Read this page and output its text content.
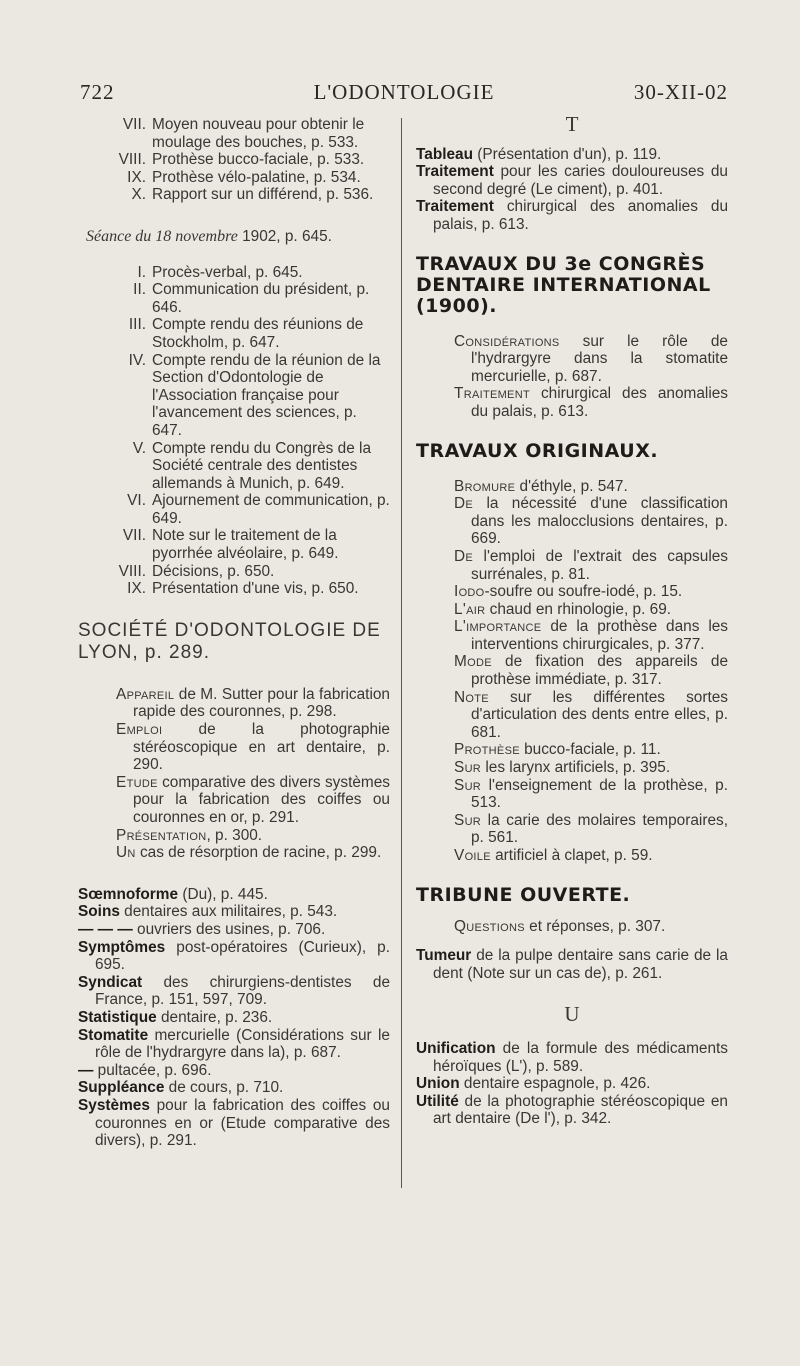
722	L'ODONTOLOGIE	30-XII-02
VII. Moyen nouveau pour obtenir le moulage des bouches, p. 533.
VIII. Prothèse bucco-faciale, p. 533.
IX. Prothèse vélo-palatine, p. 534.
X. Rapport sur un différend, p. 536.
Séance du 18 novembre 1902, p. 645.
I. Procès-verbal, p. 645.
II. Communication du président, p. 646.
III. Compte rendu des réunions de Stockholm, p. 647.
IV. Compte rendu de la réunion de la Section d'Odontologie de l'Association française pour l'avancement des sciences, p. 647.
V. Compte rendu du Congrès de la Société centrale des dentistes allemands à Munich, p. 649.
VI. Ajournement de communication, p. 649.
VII. Note sur le traitement de la pyorrhée alvéolaire, p. 649.
VIII. Décisions, p. 650.
IX. Présentation d'une vis, p. 650.
SOCIÉTÉ D'ODONTOLOGIE DE LYON, p. 289.
Appareil de M. Sutter pour la fabrication rapide des couronnes, p. 298.
Emploi de la photographie stéréoscopique en art dentaire, p. 290.
Etude comparative des divers systèmes pour la fabrication des coiffes ou couronnes en or, p. 291.
Présentation, p. 300.
Un cas de résorption de racine, p. 299.
Sœmnoforme (Du), p. 445.
Soins dentaires aux militaires, p. 543.
— — — ouvriers des usines, p. 706.
Symptômes post-opératoires (Curieux), p. 695.
Syndicat des chirurgiens-dentistes de France, p. 151, 597, 709.
Statistique dentaire, p. 236.
Stomatite mercurielle (Considérations sur le rôle de l'hydrargyre dans la), p. 687.
— pultacée, p. 696.
Suppléance de cours, p. 710.
Systèmes pour la fabrication des coiffes ou couronnes en or (Etude comparative des divers), p. 291.
T
Tableau (Présentation d'un), p. 119.
Traitement pour les caries douloureuses du second degré (Le ciment), p. 401.
Traitement chirurgical des anomalies du palais, p. 613.
TRAVAUX DU 3e CONGRÈS DENTAIRE INTERNATIONAL (1900).
Considérations sur le rôle de l'hydrargyre dans la stomatite mercurielle, p. 687.
Traitement chirurgical des anomalies du palais, p. 613.
TRAVAUX ORIGINAUX.
Bromure d'éthyle, p. 547.
De la nécessité d'une classification dans les malocclusions dentaires, p. 669.
De l'emploi de l'extrait des capsules surrénales, p. 81.
Iodo-soufre ou soufre-iodé, p. 15.
L'air chaud en rhinologie, p. 69.
L'importance de la prothèse dans les interventions chirurgicales, p. 377.
Mode de fixation des appareils de prothèse immédiate, p. 317.
Note sur les différentes sortes d'articulation des dents entre elles, p. 681.
Prothèse bucco-faciale, p. 11.
Sur les larynx artificiels, p. 395.
Sur l'enseignement de la prothèse, p. 513.
Sur la carie des molaires temporaires, p. 561.
Voile artificiel à clapet, p. 59.
TRIBUNE OUVERTE.
Questions et réponses, p. 307.
Tumeur de la pulpe dentaire sans carie de la dent (Note sur un cas de), p. 261.
U
Unification de la formule des médicaments héroïques (L'), p. 589.
Union dentaire espagnole, p. 426.
Utilité de la photographie stéréoscopique en art dentaire (De l'), p. 342.
